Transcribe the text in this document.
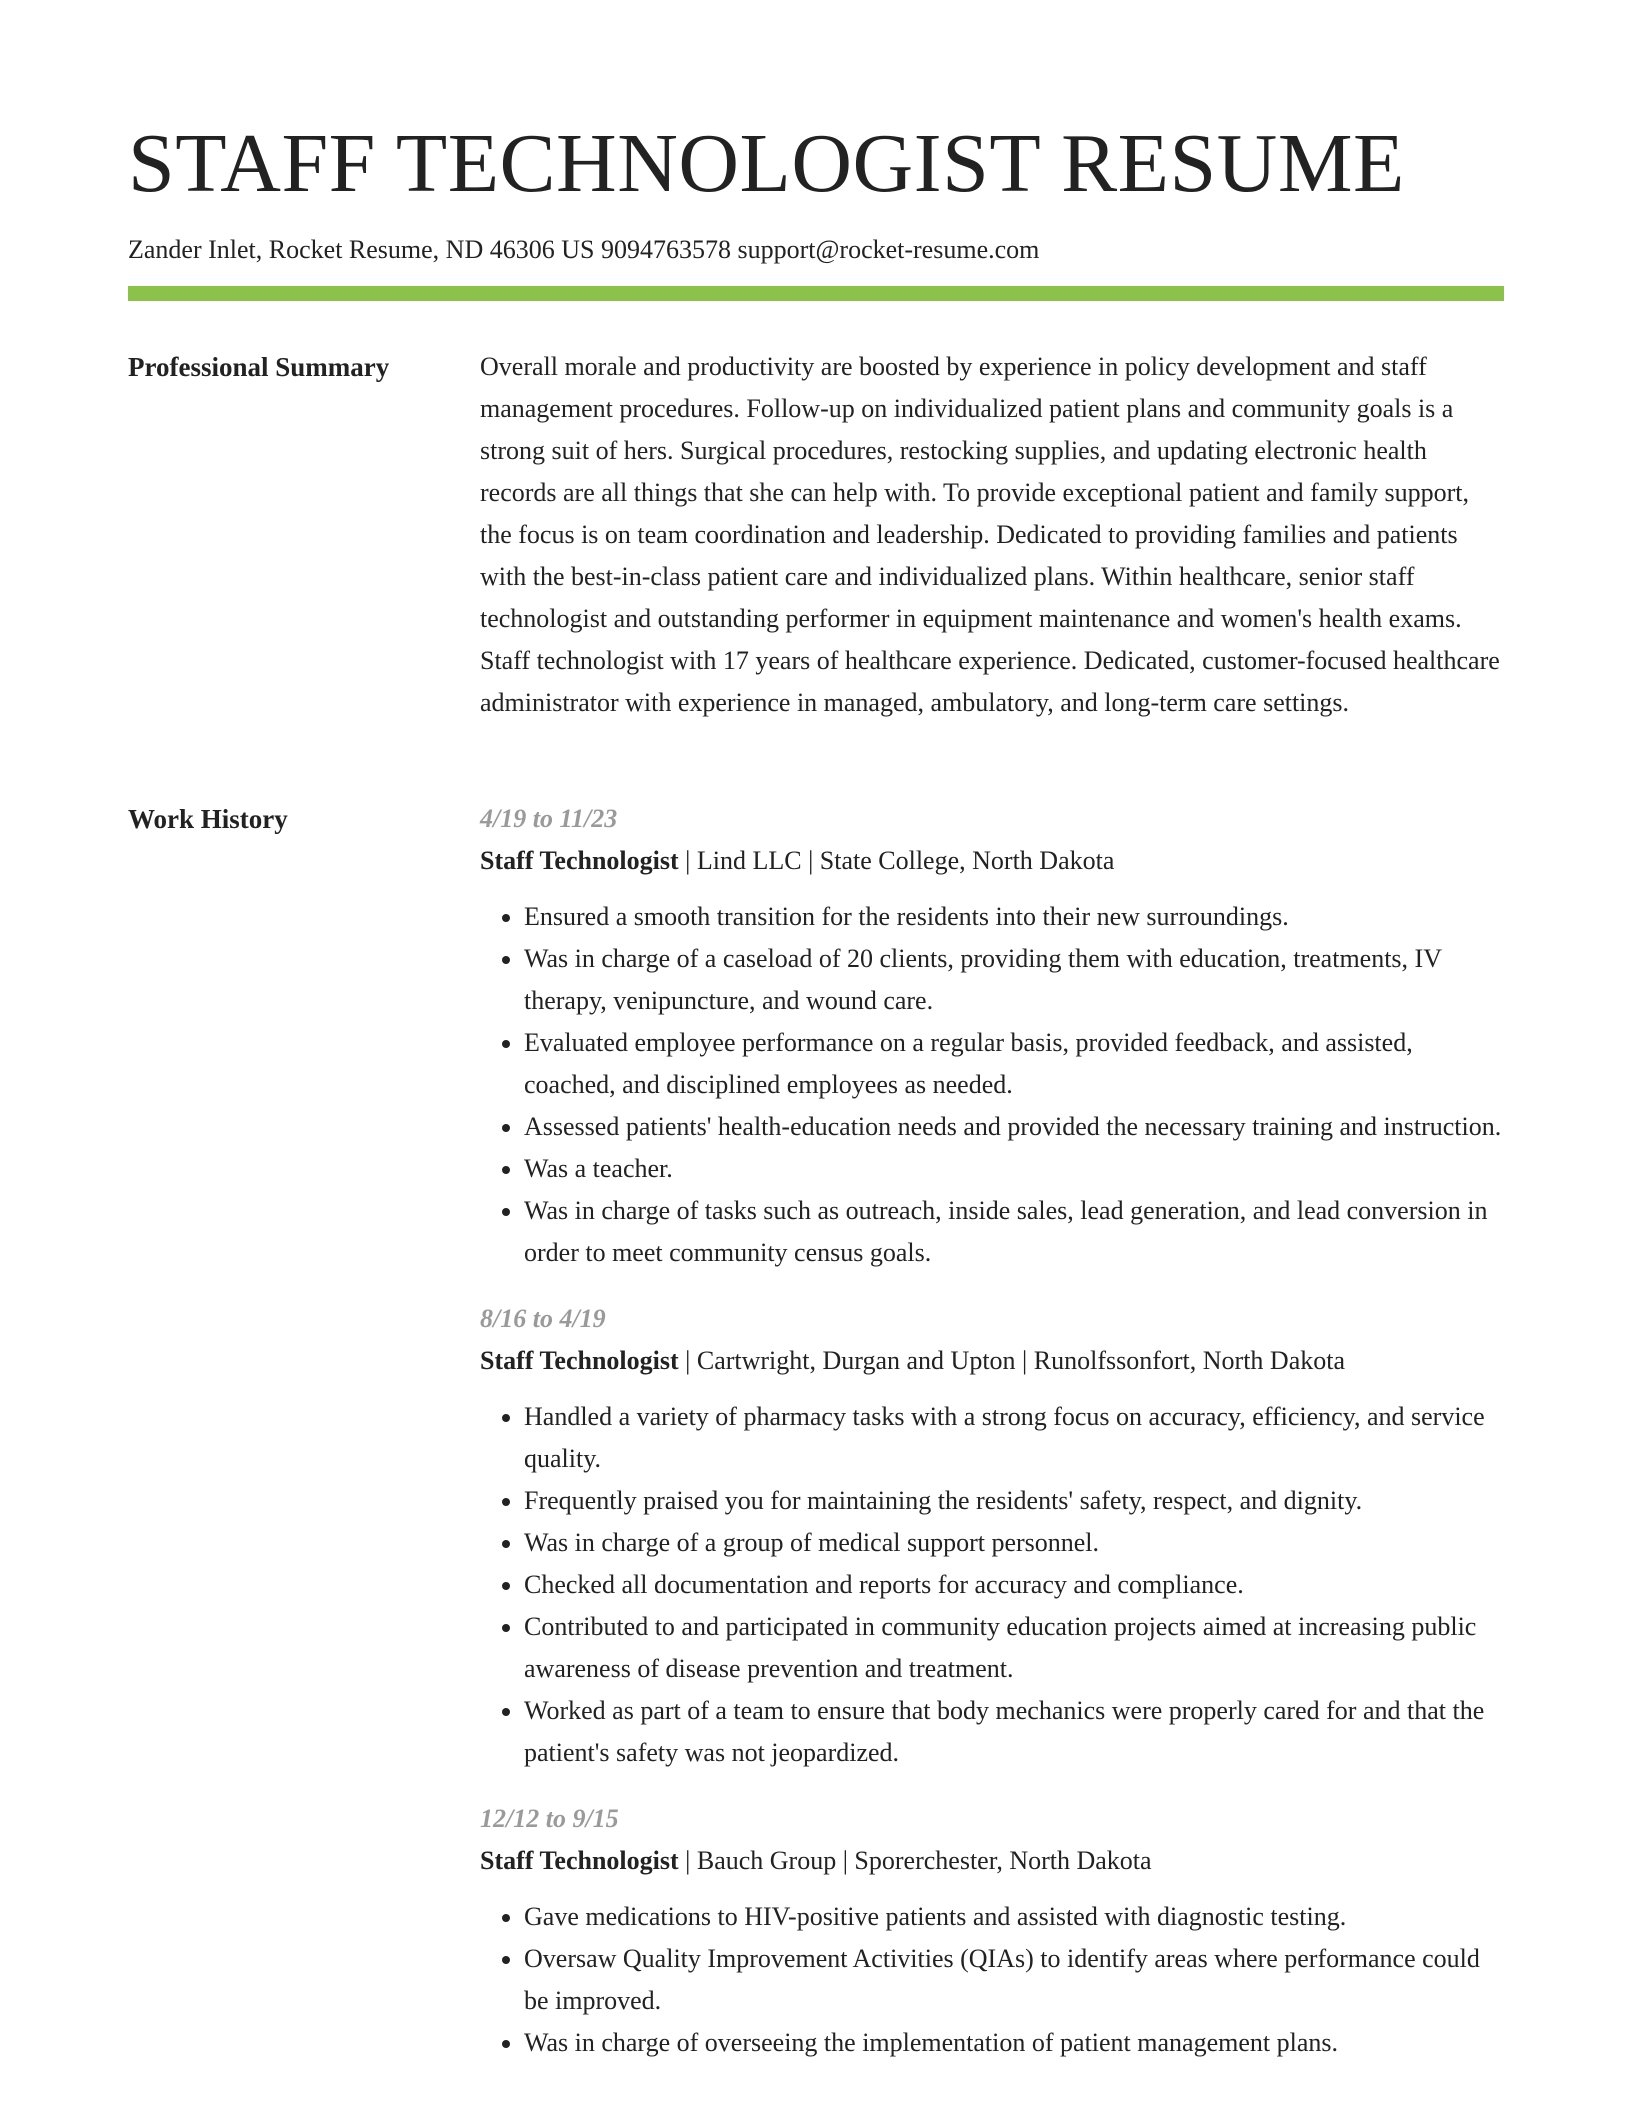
STAFF TECHNOLOGIST RESUME
Zander Inlet, Rocket Resume, ND 46306 US 9094763578 support@rocket-resume.com
Professional Summary	Overall morale and productivity are boosted by experience in policy development and staff management procedures. Follow-up on individualized patient plans and community goals is a strong suit of hers. Surgical procedures, restocking supplies, and updating electronic health records are all things that she can help with. To provide exceptional patient and family support, the focus is on team coordination and leadership. Dedicated to providing families and patients with the best-in-class patient care and individualized plans. Within healthcare, senior staff technologist and outstanding performer in equipment maintenance and women's health exams. Staff technologist with 17 years of healthcare experience. Dedicated, customer-focused healthcare administrator with experience in managed, ambulatory, and long-term care settings.

Work History	4/19 to 11/23
Staff Technologist | Lind LLC | State College, North Dakota
• Ensured a smooth transition for the residents into their new surroundings.
• Was in charge of a caseload of 20 clients, providing them with education, treatments, IV therapy, venipuncture, and wound care.
• Evaluated employee performance on a regular basis, provided feedback, and assisted, coached, and disciplined employees as needed.
• Assessed patients' health-education needs and provided the necessary training and instruction.
• Was a teacher.
• Was in charge of tasks such as outreach, inside sales, lead generation, and lead conversion in order to meet community census goals.
8/16 to 4/19
Staff Technologist | Cartwright, Durgan and Upton | Runolfssonfort, North Dakota
• Handled a variety of pharmacy tasks with a strong focus on accuracy, efficiency, and service quality.
• Frequently praised you for maintaining the residents' safety, respect, and dignity.
• Was in charge of a group of medical support personnel.
• Checked all documentation and reports for accuracy and compliance.
• Contributed to and participated in community education projects aimed at increasing public awareness of disease prevention and treatment.
• Worked as part of a team to ensure that body mechanics were properly cared for and that the patient's safety was not jeopardized.
12/12 to 9/15
Staff Technologist | Bauch Group | Sporerchester, North Dakota
• Gave medications to HIV-positive patients and assisted with diagnostic testing.
• Oversaw Quality Improvement Activities (QIAs) to identify areas where performance could be improved.
• Was in charge of overseeing the implementation of patient management plans.
